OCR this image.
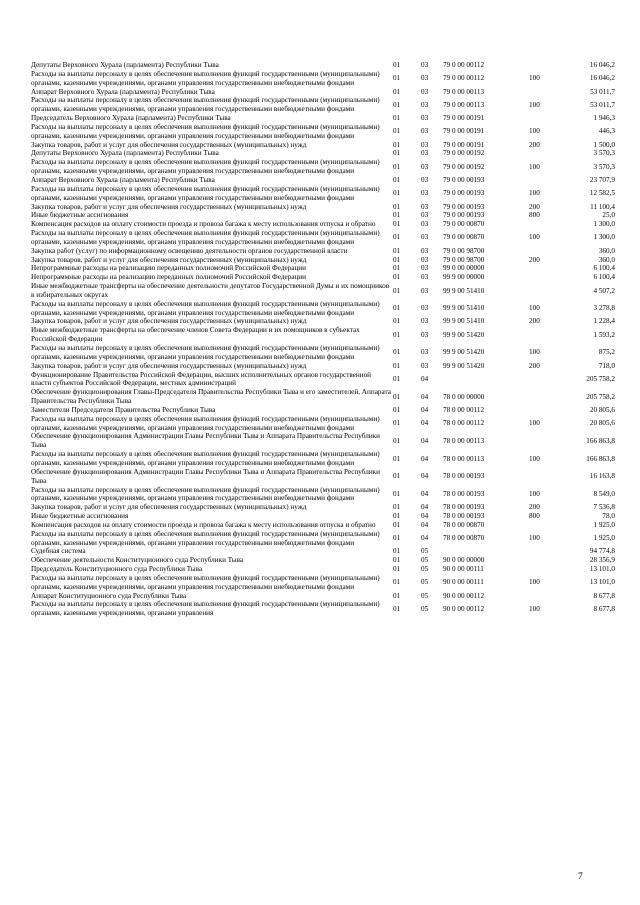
Депутаты Верховного Хурала (парламента) Республики Тыва	01	03	79 0 00 00112		16 046,2
Расходы на выплаты персоналу в целях обеспечения выполнения функций государственными (муниципальными) органами, казенными учреждениями, органами управления государственными внебюджетными фондами	01	03	79 0 00 00112	100	16 046,2
Аппарат Верховного Хурала (парламента) Республики Тыва	01	03	79 0 00 00113		53 011,7
Расходы на выплаты персоналу в целях обеспечения выполнения функций государственными (муниципальными) органами, казенными учреждениями, органами управления государственными внебюджетными фондами	01	03	79 0 00 00113	100	53 011,7
Председатель Верховного Хурала (парламента) Республики Тыва	01	03	79 0 00 00191		1 946,3
Расходы на выплаты персоналу в целях обеспечения выполнения функций государственными (муниципальными) органами, казенными учреждениями, органами управления государственными внебюджетными фондами	01	03	79 0 00 00191	100	446,3
Закупка товаров, работ и услуг для обеспечения государственных (муниципальных) нужд	01	03	79 0 00 00191	200	1 500,0
Депутаты Верховного Хурала (парламента) Республики Тыва	01	03	79 0 00 00192		3 570,3
Расходы на выплаты персоналу в целях обеспечения выполнения функций государственными (муниципальными) органами, казенными учреждениями, органами управления государственными внебюджетными фондами	01	03	79 0 00 00192	100	3 570,3
Аппарат Верховного Хурала (парламента) Республики Тыва	01	03	79 0 00 00193		23 707,9
Расходы на выплаты персоналу в целях обеспечения выполнения функций государственными (муниципальными) органами, казенными учреждениями, органами управления государственными внебюджетными фондами	01	03	79 0 00 00193	100	12 582,5
Закупка товаров, работ и услуг для обеспечения государственных (муниципальных) нужд	01	03	79 0 00 00193	200	11 100,4
Иные бюджетные ассигнования	01	03	79 0 00 00193	800	25,0
Компенсация расходов на оплату стоимости проезда и провоза багажа к месту использования отпуска и обратно	01	03	79 0 00 00870		1 300,0
Расходы на выплаты персоналу в целях обеспечения выполнения функций государственными (муниципальными) органами, казенными учреждениями, органами управления государственными внебюджетными фондами	01	03	79 0 00 00870	100	1 300,0
Закупка работ (услуг) по информационному освещению деятельности органов государственной власти	01	03	79 0 00 98700		360,0
Закупка товаров, работ и услуг для обеспечения государственных (муниципальных) нужд	01	03	79 0 00 98700	200	360,0
Непрограммные расходы на реализацию переданных полномочий Российской Федерации	01	03	99 0 00 00000		6 100,4
Непрограммные расходы на реализацию переданных полномочий Российской Федерации	01	03	99 9 00 00000		6 100,4
Иные межбюджетные трансферты на обеспечение деятельности депутатов Государственной Думы и их помощников в избирательных округах	01	03	99 9 00 51410		4 507,2
Расходы на выплаты персоналу в целях обеспечения выполнения функций государственными (муниципальными) органами, казенными учреждениями, органами управления государственными внебюджетными фондами	01	03	99 9 00 51410	100	3 278,8
Закупка товаров, работ и услуг для обеспечения государственных (муниципальных) нужд	01	03	99 9 00 51410	200	1 228,4
Иные межбюджетные трансферты на обеспечение членов Совета Федерации и их помощников в субъектах Российской Федерации	01	03	99 9 00 51420		1 593,2
Расходы на выплаты персоналу в целях обеспечения выполнения функций государственными (муниципальными) органами, казенными учреждениями, органами управления государственными внебюджетными фондами	01	03	99 9 00 51420	100	875,2
Закупка товаров, работ и услуг для обеспечения государственных (муниципальных) нужд	01	03	99 9 00 51420	200	718,0
Функционирование Правительства Российской Федерации, высших исполнительных органов государственной власти субъектов Российской Федерации, местных администраций	01	04			205 758,2
Обеспечение функционирования Главы-Председателя Правительства Республики Тыва и его заместителей, Аппарата Правительства Республики Тыва	01	04	78 0 00 00000		205 758,2
Заместители Председателя Правительства Республики Тыва	01	04	78 0 00 00112		20 805,6
Расходы на выплаты персоналу в целях обеспечения выполнения функций государственными (муниципальными) органами, казенными учреждениями, органами управления государственными внебюджетными фондами	01	04	78 0 00 00112	100	20 805,6
Обеспечение функционирования Администрации Главы Республики Тыва и Аппарата Правительства Республики Тыва	01	04	78 0 00 00113		166 863,8
Расходы на выплаты персоналу в целях обеспечения выполнения функций государственными (муниципальными) органами, казенными учреждениями, органами управления государственными внебюджетными фондами	01	04	78 0 00 00113	100	166 863,8
Обеспечение функционирования Администрации Главы Республики Тыва и Аппарата Правительства Республики Тыва	01	04	78 0 00 00193		16 163,8
Расходы на выплаты персоналу в целях обеспечения выполнения функций государственными (муниципальными) органами, казенными учреждениями, органами управления государственными внебюджетными фондами	01	04	78 0 00 00193	100	8 549,0
Закупка товаров, работ и услуг для обеспечения государственных (муниципальных) нужд	01	04	78 0 00 00193	200	7 536,8
Иные бюджетные ассигнования	01	04	78 0 00 00193	800	78,0
Компенсация расходов на оплату стоимости проезда и провоза багажа к месту использования отпуска и обратно	01	04	78 0 00 00870		1 925,0
Расходы на выплаты персоналу в целях обеспечения выполнения функций государственными (муниципальными) органами, казенными учреждениями, органами управления государственными внебюджетными фондами	01	04	78 0 00 00870	100	1 925,0
Судебная система	01	05			94 774,8
Обеспечение деятельности Конституционного суда Республики Тыва	01	05	90 0 00 00000		28 356,9
Председатель Конституционного суда Республики Тыва	01	05	90 0 00 00111		13 101,0
Расходы на выплаты персоналу в целях обеспечения выполнения функций государственными (муниципальными) органами, казенными учреждениями, органами управления государственными внебюджетными фондами	01	05	90 0 00 00111	100	13 101,0
Аппарат Конституционного суда Республики Тыва	01	05	90 0 00 00112		8 677,8
Расходы на выплаты персоналу в целях обеспечения выполнения функций государственными (муниципальными) органами, казенными учреждениями, органами управления	01	05	90 0 00 00112	100	8 677,8
7
